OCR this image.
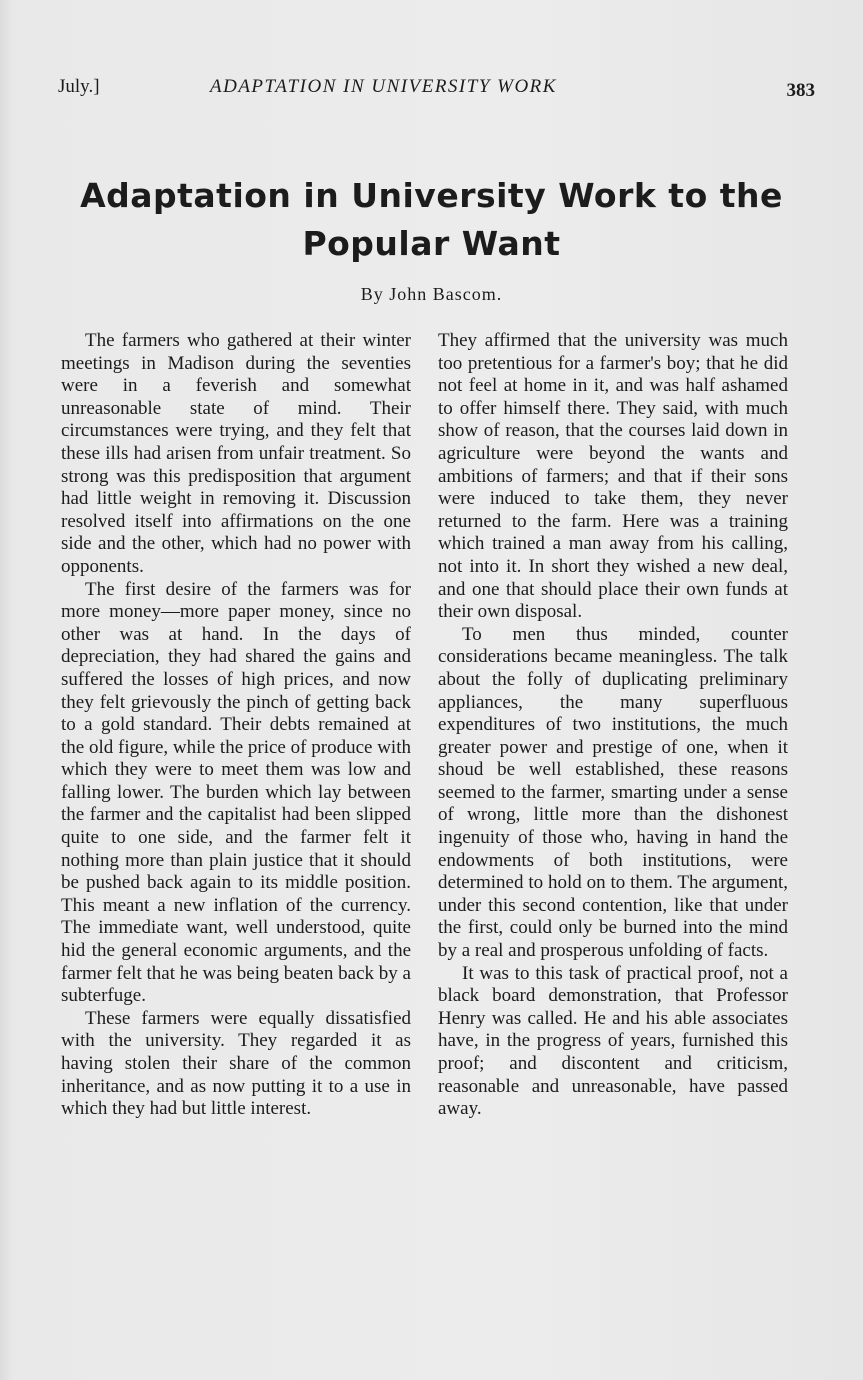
July.]	ADAPTATION IN UNIVERSITY WORK	383
Adaptation in University Work to the
Popular Want
By John Bascom.

The farmers who gathered at their winter meetings in Madison during the seventies were in a feverish and somewhat unreasonable state of mind. Their circumstances were trying, and they felt that these ills had arisen from unfair treatment. So strong was this predisposition that argument had little weight in removing it. Discussion resolved itself into affirmations on the one side and the other, which had no power with opponents.

The first desire of the farmers was for more money—more paper money, since no other was at hand. In the days of depreciation, they had shared the gains and suffered the losses of high prices, and now they felt grievously the pinch of getting back to a gold standard. Their debts remained at the old figure, while the price of produce with which they were to meet them was low and falling lower. The burden which lay between the farmer and the capitalist had been slipped quite to one side, and the farmer felt it nothing more than plain justice that it should be pushed back again to its middle position. This meant a new inflation of the currency. The immediate want, well understood, quite hid the general economic arguments, and the farmer felt that he was being beaten back by a subterfuge.

These farmers were equally dissatisfied with the university. They regarded it as having stolen their share of the common inheritance, and as now putting it to a use in which they had but little interest.

They affirmed that the university was much too pretentious for a farmer's boy; that he did not feel at home in it, and was half ashamed to offer himself there. They said, with much show of reason, that the courses laid down in agriculture were beyond the wants and ambitions of farmers; and that if their sons were induced to take them, they never returned to the farm. Here was a training which trained a man away from his calling, not into it. In short they wished a new deal, and one that should place their own funds at their own disposal.

To men thus minded, counter considerations became meaningless. The talk about the folly of duplicating preliminary appliances, the many superfluous expenditures of two institutions, the much greater power and prestige of one, when it shoud be well established, these reasons seemed to the farmer, smarting under a sense of wrong, little more than the dishonest ingenuity of those who, having in hand the endowments of both institutions, were determined to hold on to them. The argument, under this second contention, like that under the first, could only be burned into the mind by a real and prosperous unfolding of facts.

It was to this task of practical proof, not a black board demonstration, that Professor Henry was called. He and his able associates have, in the progress of years, furnished this proof; and discontent and criticism, reasonable and unreasonable, have passed away.
